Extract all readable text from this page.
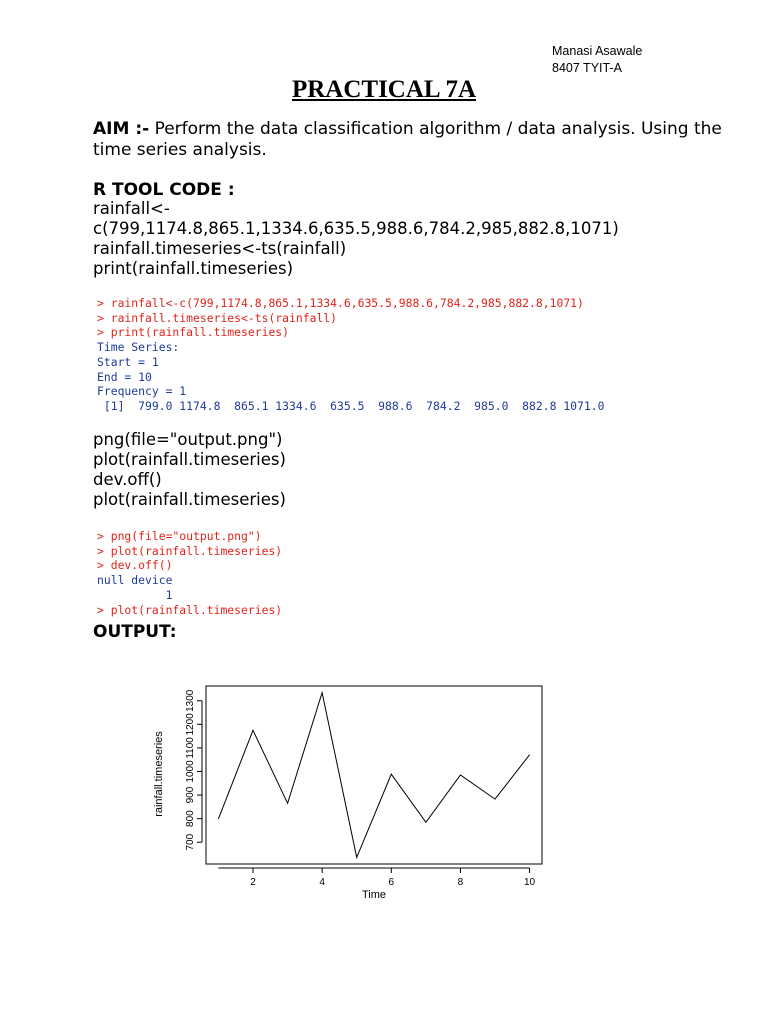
Manasi Asawale
8407 TYIT-A
PRACTICAL 7A
AIM :- Perform the data classification algorithm / data analysis. Using the time series analysis.
R TOOL CODE :
rainfall<-
c(799,1174.8,865.1,1334.6,635.5,988.6,784.2,985,882.8,1071)
rainfall.timeseries<-ts(rainfall)
print(rainfall.timeseries)
> rainfall<-c(799,1174.8,865.1,1334.6,635.5,988.6,784.2,985,882.8,1071)
> rainfall.timeseries<-ts(rainfall)
> print(rainfall.timeseries)
Time Series:
Start = 1
End = 10
Frequency = 1
[1]  799.0 1174.8  865.1 1334.6  635.5  988.6  784.2  985.0  882.8 1071.0
png(file="output.png")
plot(rainfall.timeseries)
dev.off()
plot(rainfall.timeseries)
> png(file="output.png")
> plot(rainfall.timeseries)
> dev.off()
null device
1
> plot(rainfall.timeseries)
OUTPUT:
2	4	6	8	10
700
800
900
1000
1100
1200
1300
Time
rainfall.timeseries
